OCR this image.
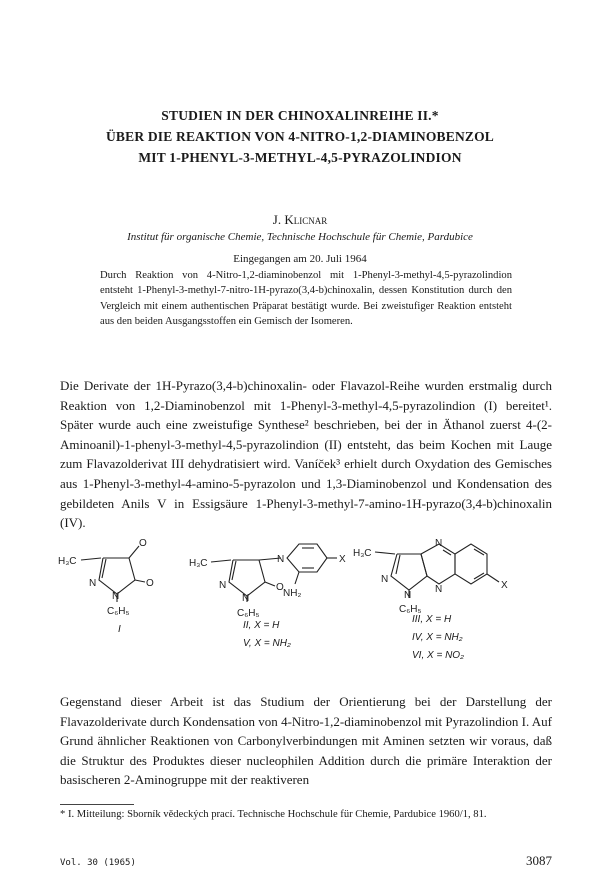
STUDIEN IN DER CHINOXALINREIHE II.*
ÜBER DIE REAKTION VON 4-NITRO-1,2-DIAMINOBENZOL
MIT 1-PHENYL-3-METHYL-4,5-PYRAZOLINDION
J. Klicnar
Institut für organische Chemie, Technische Hochschule für Chemie, Pardubice
Eingegangen am 20. Juli 1964
Durch Reaktion von 4-Nitro-1,2-diaminobenzol mit 1-Phenyl-3-methyl-4,5-pyrazolindion entsteht 1-Phenyl-3-methyl-7-nitro-1H-pyrazo(3,4-b)chinoxalin, dessen Konstitution durch den Vergleich mit einem authentischen Präparat bestätigt wurde. Bei zweistufiger Reaktion entsteht aus den beiden Ausgangsstoffen ein Gemisch der Isomeren.
Die Derivate der 1H-Pyrazo(3,4-b)chinoxalin- oder Flavazol-Reihe wurden erstmalig durch Reaktion von 1,2-Diaminobenzol mit 1-Phenyl-3-methyl-4,5-pyrazolindion (I) bereitet¹. Später wurde auch eine zweistufige Synthese² beschrieben, bei der in Äthanol zuerst 4-(2-Aminoanil)-1-phenyl-3-methyl-4,5-pyrazolindion (II) entsteht, das beim Kochen mit Lauge zum Flavazolderivat III dehydratisiert wird. Vaníček³ erhielt durch Oxydation des Gemisches aus 1-Phenyl-3-methyl-4-amino-5-pyrazolon und 1,3-Diaminobenzol und Kondensation des gebildeten Anils V in Essigsäure 1-Phenyl-3-methyl-7-amino-1H-pyrazo(3,4-b)chinoxalin (IV).
H₃C
O
O
N
N
C₆H₅
H₃C	N
O
N
N
C₆H₅
X
NH₂
H₃C
N
N
N
N
C₆H₅
X
I	II, X = H
V, X = NH₂
III, X = H
IV, X = NH₂
VI, X = NO₂
Gegenstand dieser Arbeit ist das Studium der Orientierung bei der Darstellung der Flavazolderivate durch Kondensation von 4-Nitro-1,2-diaminobenzol mit Pyrazolindion I. Auf Grund ähnlicher Reaktionen von Carbonylverbindungen mit Aminen setzten wir voraus, daß die Struktur des Produktes dieser nucleophilen Addition durch die primäre Interaktion der basischeren 2-Aminogruppe mit der reaktiveren
* I. Mitteilung: Sborník vědeckých prací. Technische Hochschule für Chemie, Pardubice 1960/1, 81.
Vol. 30 (1965)	3087
